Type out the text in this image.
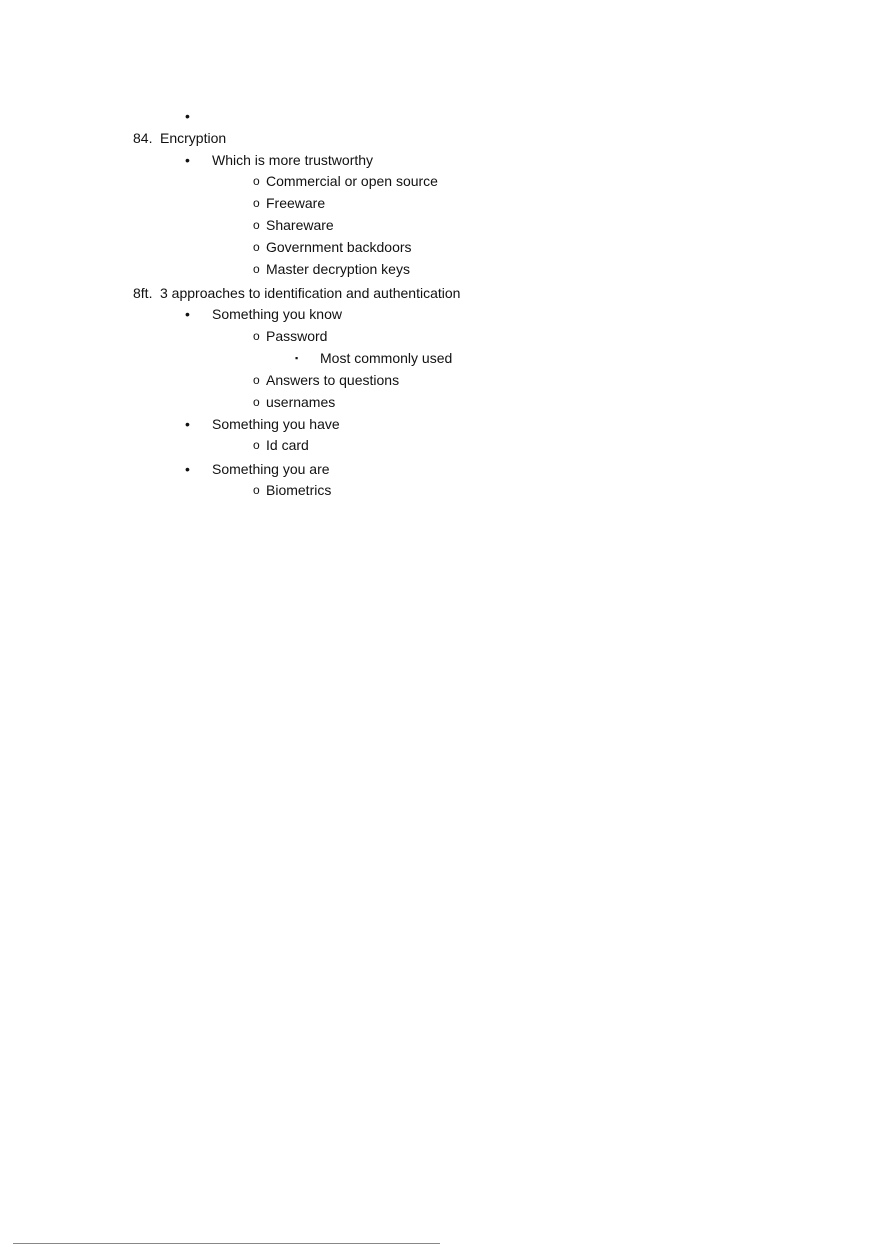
•
84. Encryption
• Which is more trustworthy
o Commercial or open source
o Freeware
o Shareware
o Government backdoors
o Master decryption keys
8ft. 3 approaches to identification and authentication
• Something you know
o Password
▪ Most commonly used
o Answers to questions
o usernames
• Something you have
o Id card
• Something you are
o Biometrics
